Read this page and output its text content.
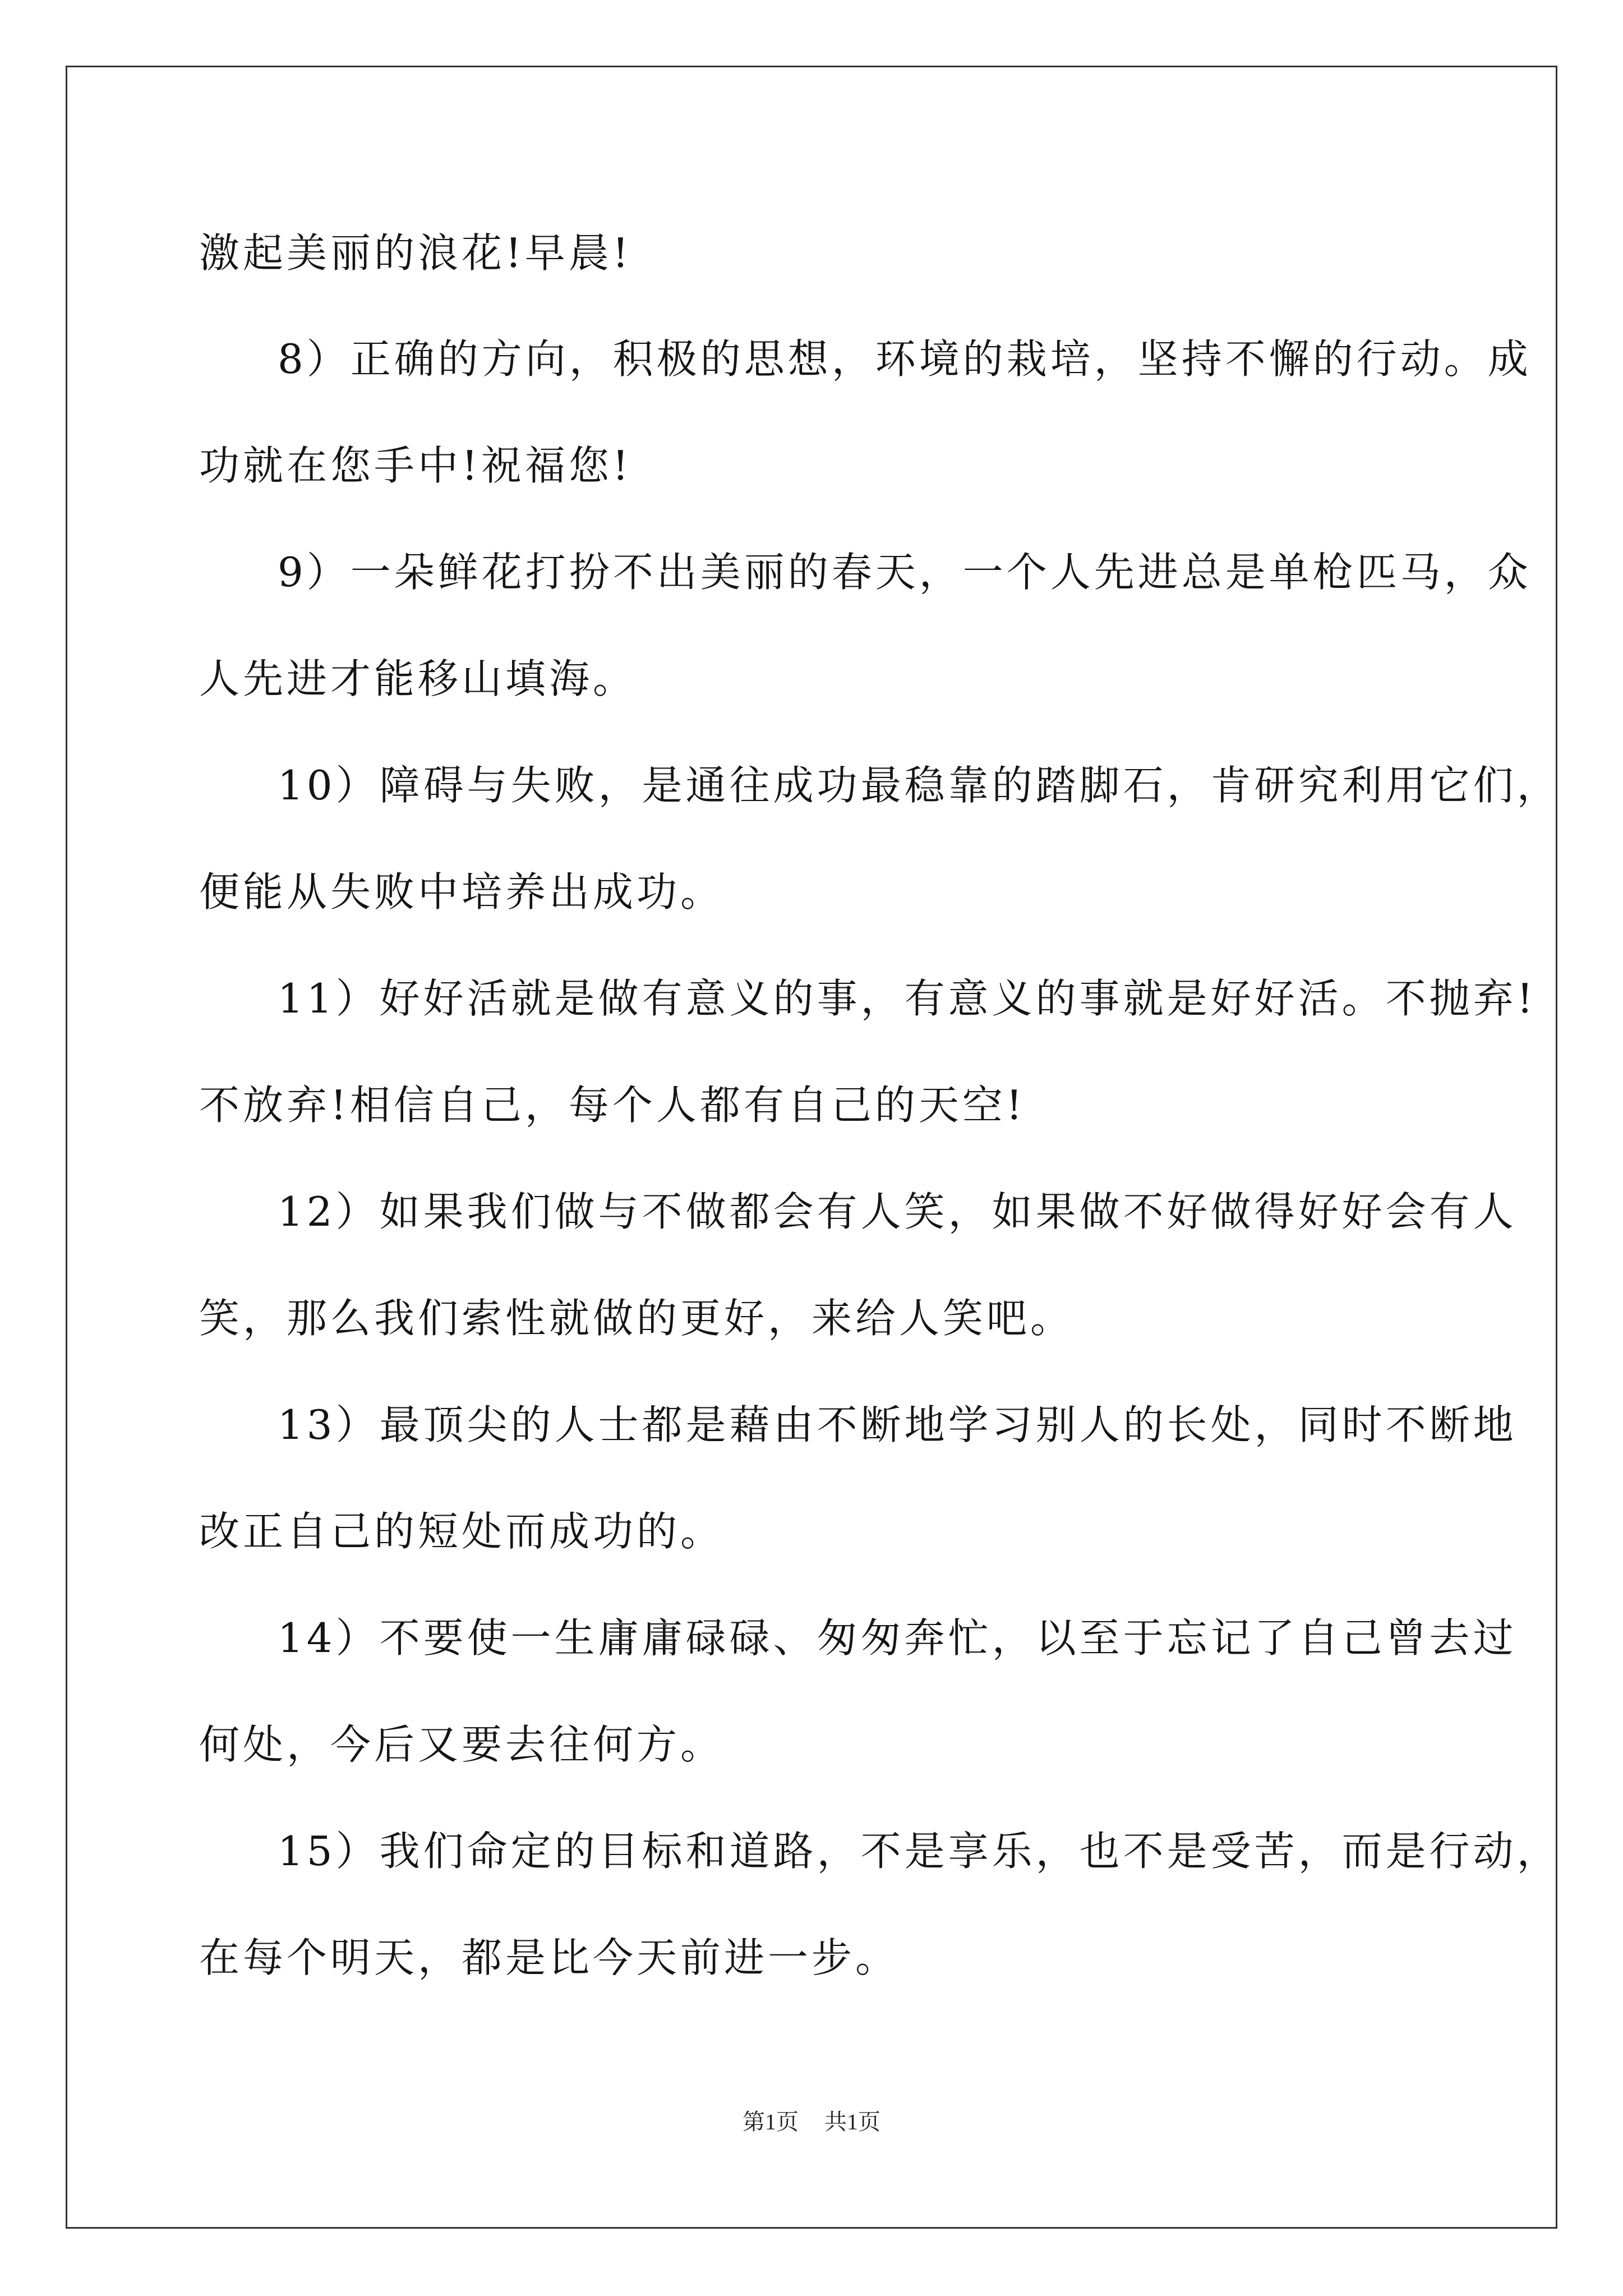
激起美丽的浪花!早晨!
8）正确的方向，积极的思想，环境的栽培，坚持不懈的行动。成
功就在您手中!祝福您!
9）一朵鲜花打扮不出美丽的春天，一个人先进总是单枪匹马，众
人先进才能移山填海。
10）障碍与失败，是通往成功最稳靠的踏脚石，肯研究利用它们，
便能从失败中培养出成功。
11）好好活就是做有意义的事，有意义的事就是好好活。不抛弃!
不放弃!相信自己，每个人都有自己的天空!
12）如果我们做与不做都会有人笑，如果做不好做得好好会有人
笑，那么我们索性就做的更好，来给人笑吧。
13）最顶尖的人士都是藉由不断地学习别人的长处，同时不断地
改正自己的短处而成功的。
14）不要使一生庸庸碌碌、匆匆奔忙，以至于忘记了自己曾去过
何处，今后又要去往何方。
15）我们命定的目标和道路，不是享乐，也不是受苦，而是行动，
在每个明天，都是比今天前进一步。
第1页 共1页
